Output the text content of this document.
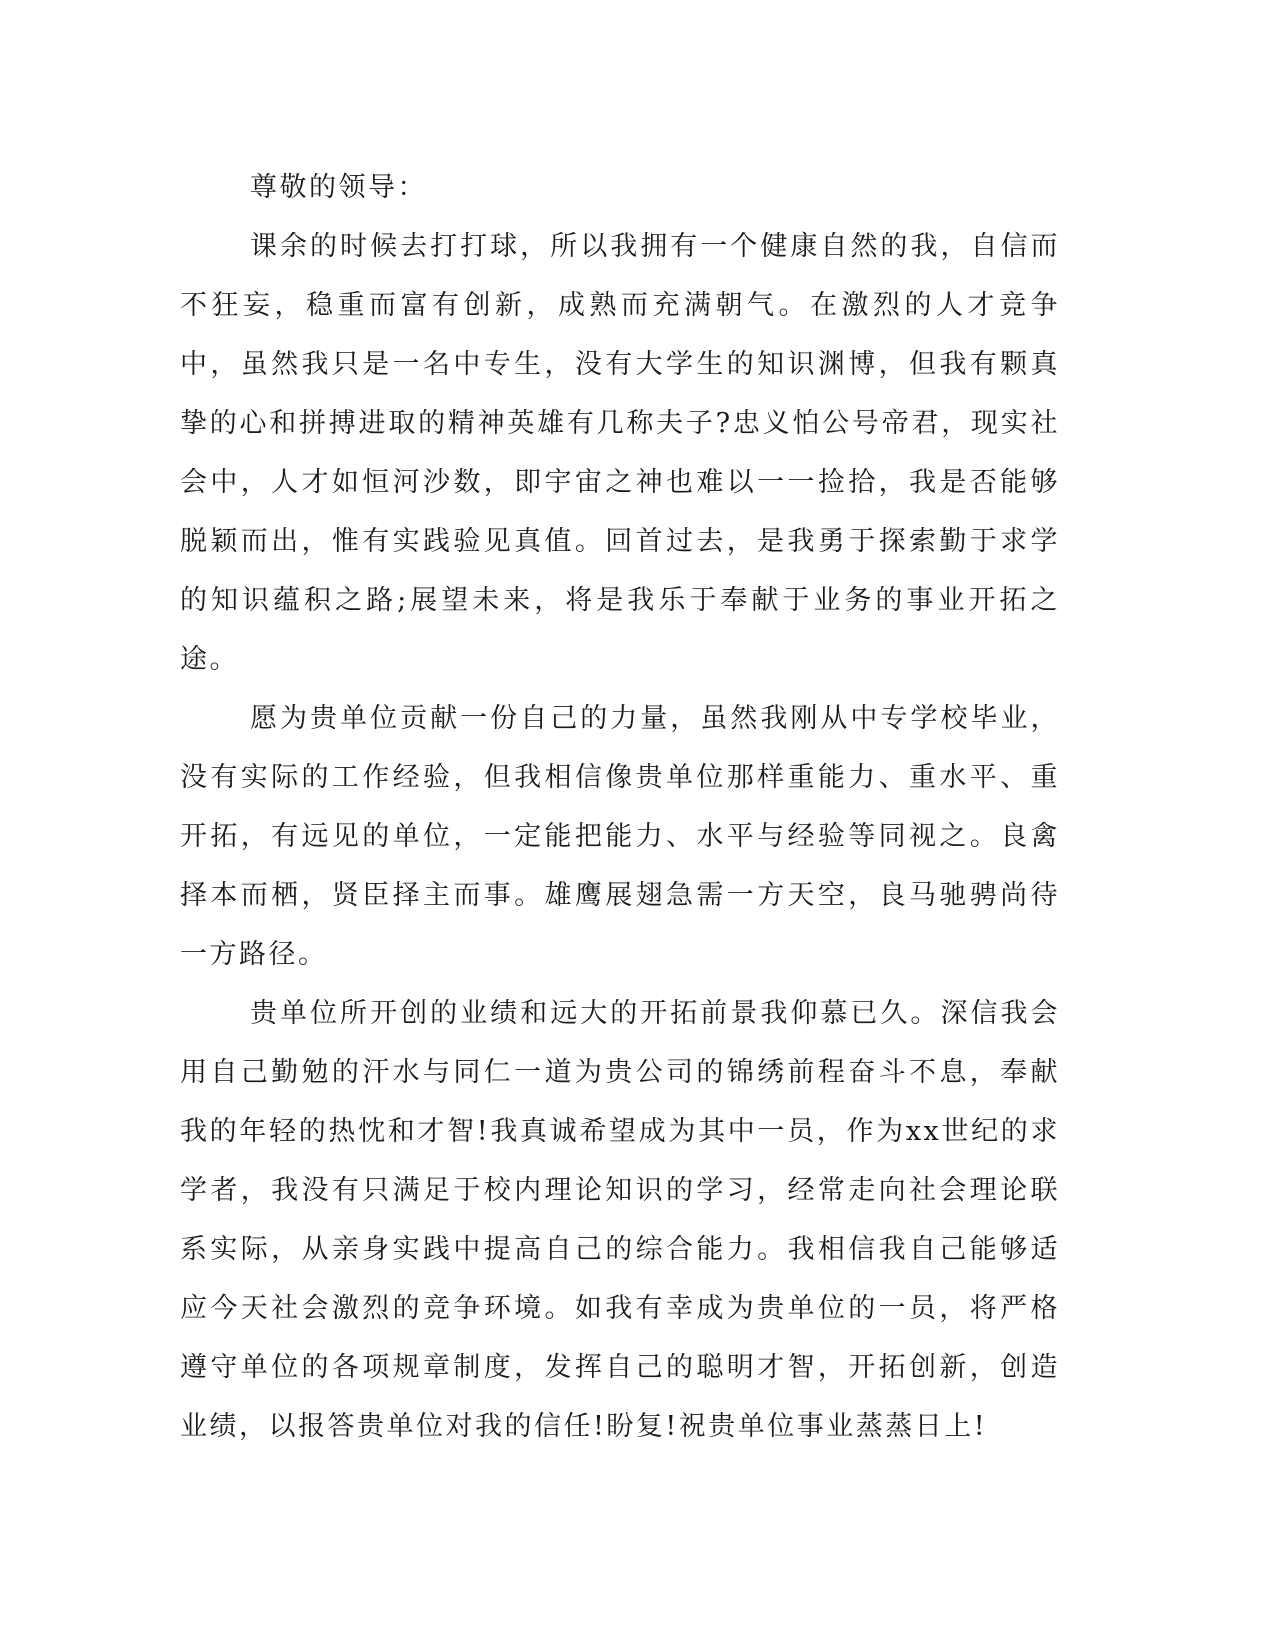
尊敬的领导：

课余的时候去打打球，所以我拥有一个健康自然的我，自信而不狂妄，稳重而富有创新，成熟而充满朝气。在激烈的人才竞争中，虽然我只是一名中专生，没有大学生的知识渊博，但我有颗真挚的心和拼搏进取的精神英雄有几称夫子?忠义怕公号帝君，现实社会中，人才如恒河沙数，即宇宙之神也难以一一捡拾，我是否能够脱颖而出，惟有实践验见真值。回首过去，是我勇于探索勤于求学的知识蕴积之路;展望未来，将是我乐于奉献于业务的事业开拓之途。

愿为贵单位贡献一份自己的力量，虽然我刚从中专学校毕业，没有实际的工作经验，但我相信像贵单位那样重能力、重水平、重开拓，有远见的单位，一定能把能力、水平与经验等同视之。良禽择本而栖，贤臣择主而事。雄鹰展翅急需一方天空，良马驰骋尚待一方路径。

贵单位所开创的业绩和远大的开拓前景我仰慕已久。深信我会用自己勤勉的汗水与同仁一道为贵公司的锦绣前程奋斗不息，奉献我的年轻的热忱和才智!我真诚希望成为其中一员，作为xx世纪的求学者，我没有只满足于校内理论知识的学习，经常走向社会理论联系实际，从亲身实践中提高自己的综合能力。我相信我自己能够适应今天社会激烈的竞争环境。如我有幸成为贵单位的一员，将严格遵守单位的各项规章制度，发挥自己的聪明才智，开拓创新，创造业绩，以报答贵单位对我的信任!盼复!祝贵单位事业蒸蒸日上!
